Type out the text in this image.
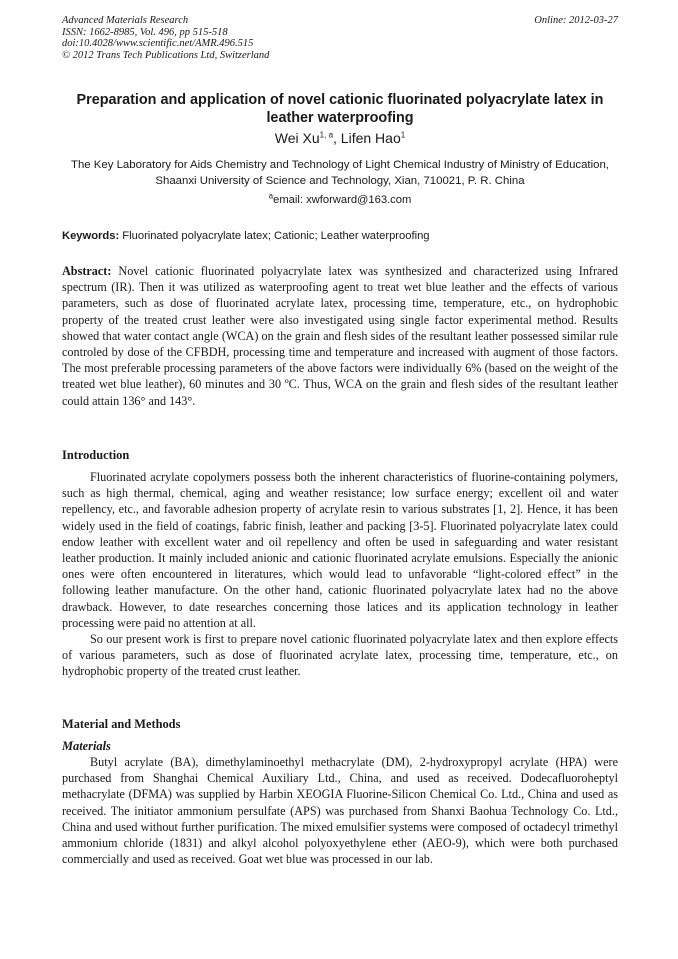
Advanced Materials Research
ISSN: 1662-8985, Vol. 496, pp 515-518
doi:10.4028/www.scientific.net/AMR.496.515
© 2012 Trans Tech Publications Ltd, Switzerland
Online: 2012-03-27
Preparation and application of novel cationic fluorinated polyacrylate latex in leather waterproofing
Wei Xu$^{1, a}$, Lifen Hao$^1$
The Key Laboratory for Aids Chemistry and Technology of Light Chemical Industry of Ministry of Education, Shaanxi University of Science and Technology, Xian, 710021, P. R. China
$^a$email: xwforward@163.com
Keywords: Fluorinated polyacrylate latex; Cationic; Leather waterproofing
Abstract: Novel cationic fluorinated polyacrylate latex was synthesized and characterized using Infrared spectrum (IR). Then it was utilized as waterproofing agent to treat wet blue leather and the effects of various parameters, such as dose of fluorinated acrylate latex, processing time, temperature, etc., on hydrophobic property of the treated crust leather were also investigated using single factor experimental method. Results showed that water contact angle (WCA) on the grain and flesh sides of the resultant leather possessed similar rule controled by dose of the CFBDH, processing time and temperature and increased with augment of those factors. The most preferable processing parameters of the above factors were individually 6% (based on the weight of the treated wet blue leather), 60 minutes and 30 ºC. Thus, WCA on the grain and flesh sides of the resultant leather could attain 136° and 143°.
Introduction

Fluorinated acrylate copolymers possess both the inherent characteristics of fluorine-containing polymers, such as high thermal, chemical, aging and weather resistance; low surface energy; excellent oil and water repellency, etc., and favorable adhesion property of acrylate resin to various substrates [1, 2]. Hence, it has been widely used in the field of coatings, fabric finish, leather and packing [3-5]. Fluorinated polyacrylate latex could endow leather with excellent water and oil repellency and often be used in safeguarding and water resistant leather production. It mainly included anionic and cationic fluorinated acrylate emulsions. Especially the anionic ones were often encountered in literatures, which would lead to unfavorable “light-colored effect” in the following leather manufacture. On the other hand, cationic fluorinated polyacrylate latex had no the above drawback. However, to date researches concerning those latices and its application technology in leather processing were paid no attention at all.

So our present work is first to prepare novel cationic fluorinated polyacrylate latex and then explore effects of various parameters, such as dose of fluorinated acrylate latex, processing time, temperature, etc., on hydrophobic property of the treated crust leather.

Material and Methods
Materials

Butyl acrylate (BA), dimethylaminoethyl methacrylate (DM), 2-hydroxypropyl acrylate (HPA) were purchased from Shanghai Chemical Auxiliary Ltd., China, and used as received. Dodecafluoroheptyl methacrylate (DFMA) was supplied by Harbin XEOGIA Fluorine-Silicon Chemical Co. Ltd., China and used as received. The initiator ammonium persulfate (APS) was purchased from Shanxi Baohua Technology Co. Ltd., China and used without further purification. The mixed emulsifier systems were composed of octadecyl trimethyl ammonium chloride (1831) and alkyl alcohol polyoxyethylene ether (AEO-9), which were both purchased commercially and used as received. Goat wet blue was processed in our lab.
